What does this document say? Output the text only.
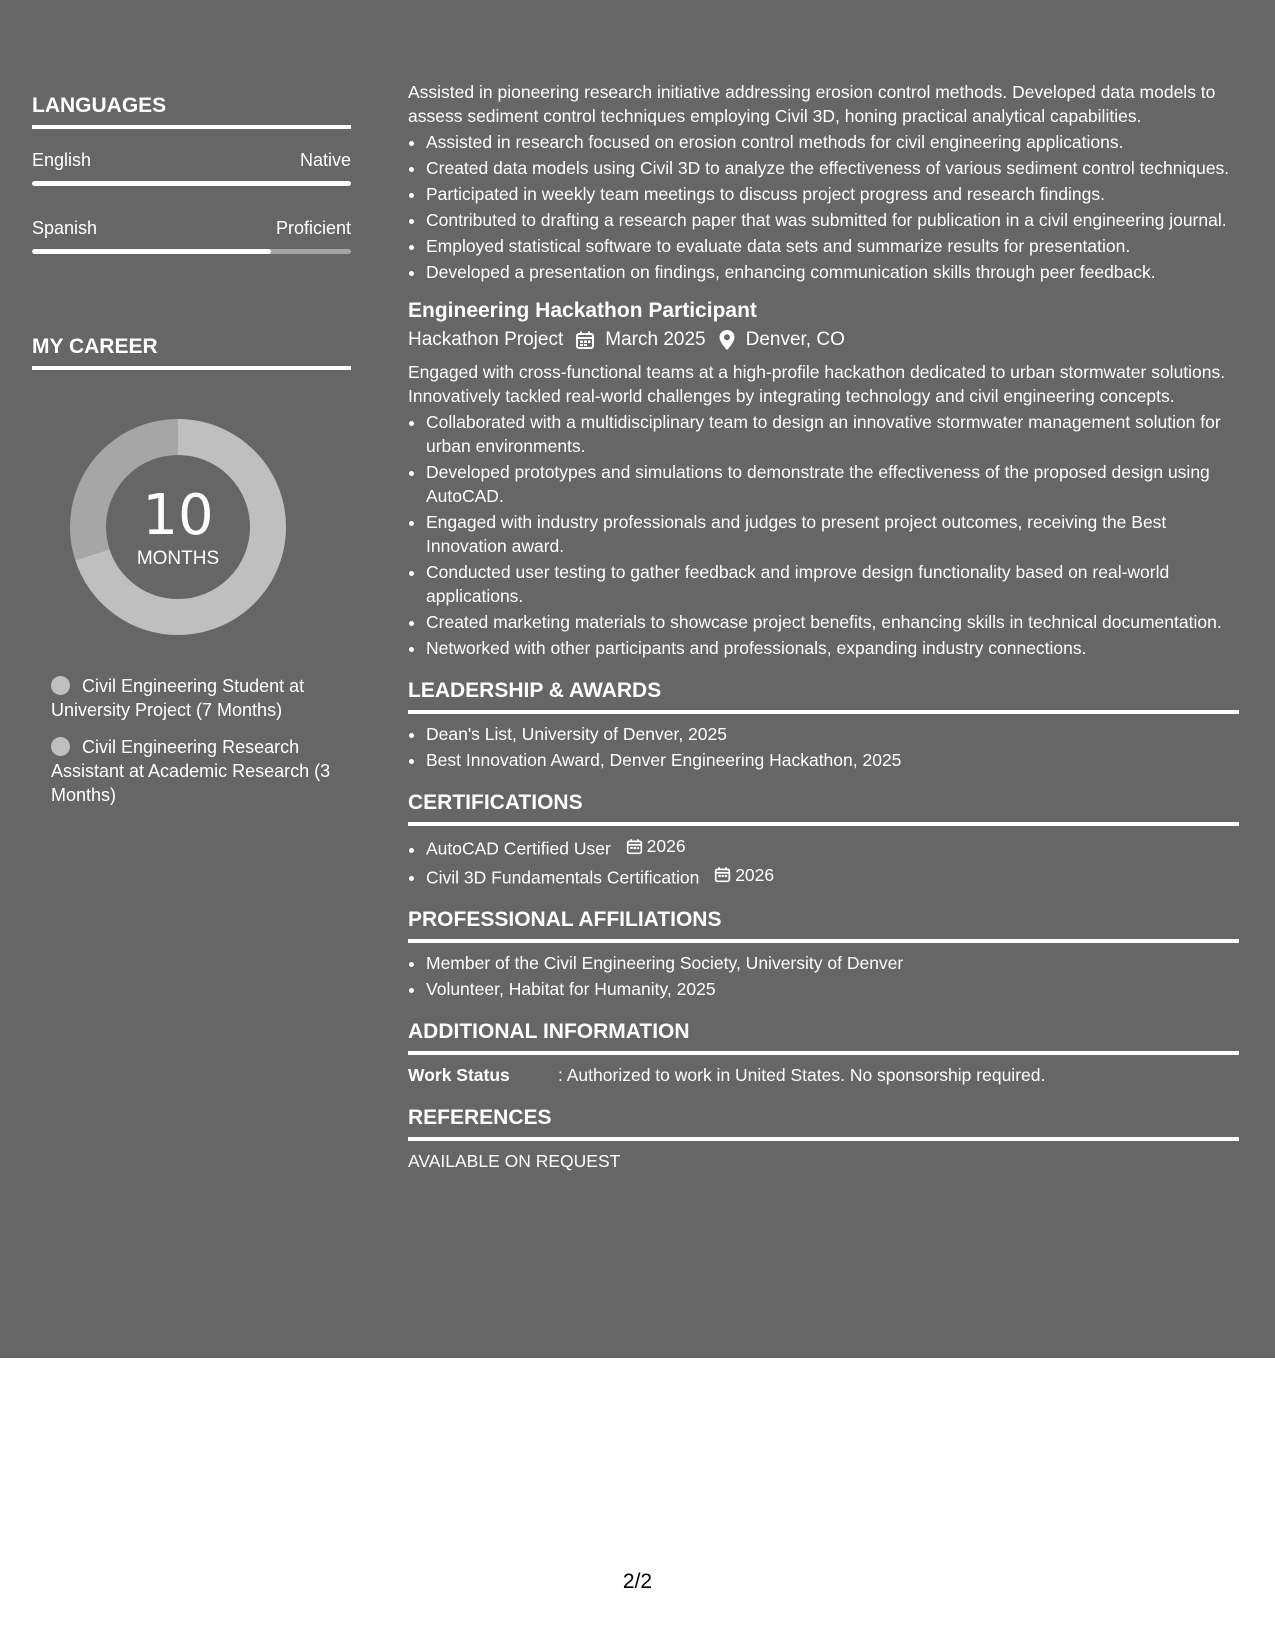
LANGUAGES
English	Native
Spanish	Proficient
MY CAREER
10
MONTHS
Civil Engineering Student at University Project (7 Months)
Civil Engineering Research Assistant at Academic Research (3 Months)

Assisted in pioneering research initiative addressing erosion control methods. Developed data models to assess sediment control techniques employing Civil 3D, honing practical analytical capabilities.

• Assisted in research focused on erosion control methods for civil engineering applications.
• Created data models using Civil 3D to analyze the effectiveness of various sediment control techniques.
• Participated in weekly team meetings to discuss project progress and research findings.
• Contributed to drafting a research paper that was submitted for publication in a civil engineering journal.
• Employed statistical software to evaluate data sets and summarize results for presentation.
• Developed a presentation on findings, enhancing communication skills through peer feedback.
Engineering Hackathon Participant
Hackathon Project March 2025 Denver, CO

Engaged with cross-functional teams at a high-profile hackathon dedicated to urban stormwater solutions. Innovatively tackled real-world challenges by integrating technology and civil engineering concepts.

• Collaborated with a multidisciplinary team to design an innovative stormwater management solution for urban environments.
• Developed prototypes and simulations to demonstrate the effectiveness of the proposed design using AutoCAD.
• Engaged with industry professionals and judges to present project outcomes, receiving the Best Innovation award.
• Conducted user testing to gather feedback and improve design functionality based on real-world applications.
• Created marketing materials to showcase project benefits, enhancing skills in technical documentation.
• Networked with other participants and professionals, expanding industry connections.
LEADERSHIP & AWARDS
• Dean's List, University of Denver, 2025
• Best Innovation Award, Denver Engineering Hackathon, 2025
CERTIFICATIONS
• AutoCAD Certified User 2026
• Civil 3D Fundamentals Certification 2026
PROFESSIONAL AFFILIATIONS
• Member of the Civil Engineering Society, University of Denver
• Volunteer, Habitat for Humanity, 2025
ADDITIONAL INFORMATION
Work Status	: Authorized to work in United States. No sponsorship required.
REFERENCES
AVAILABLE ON REQUEST
2/2
